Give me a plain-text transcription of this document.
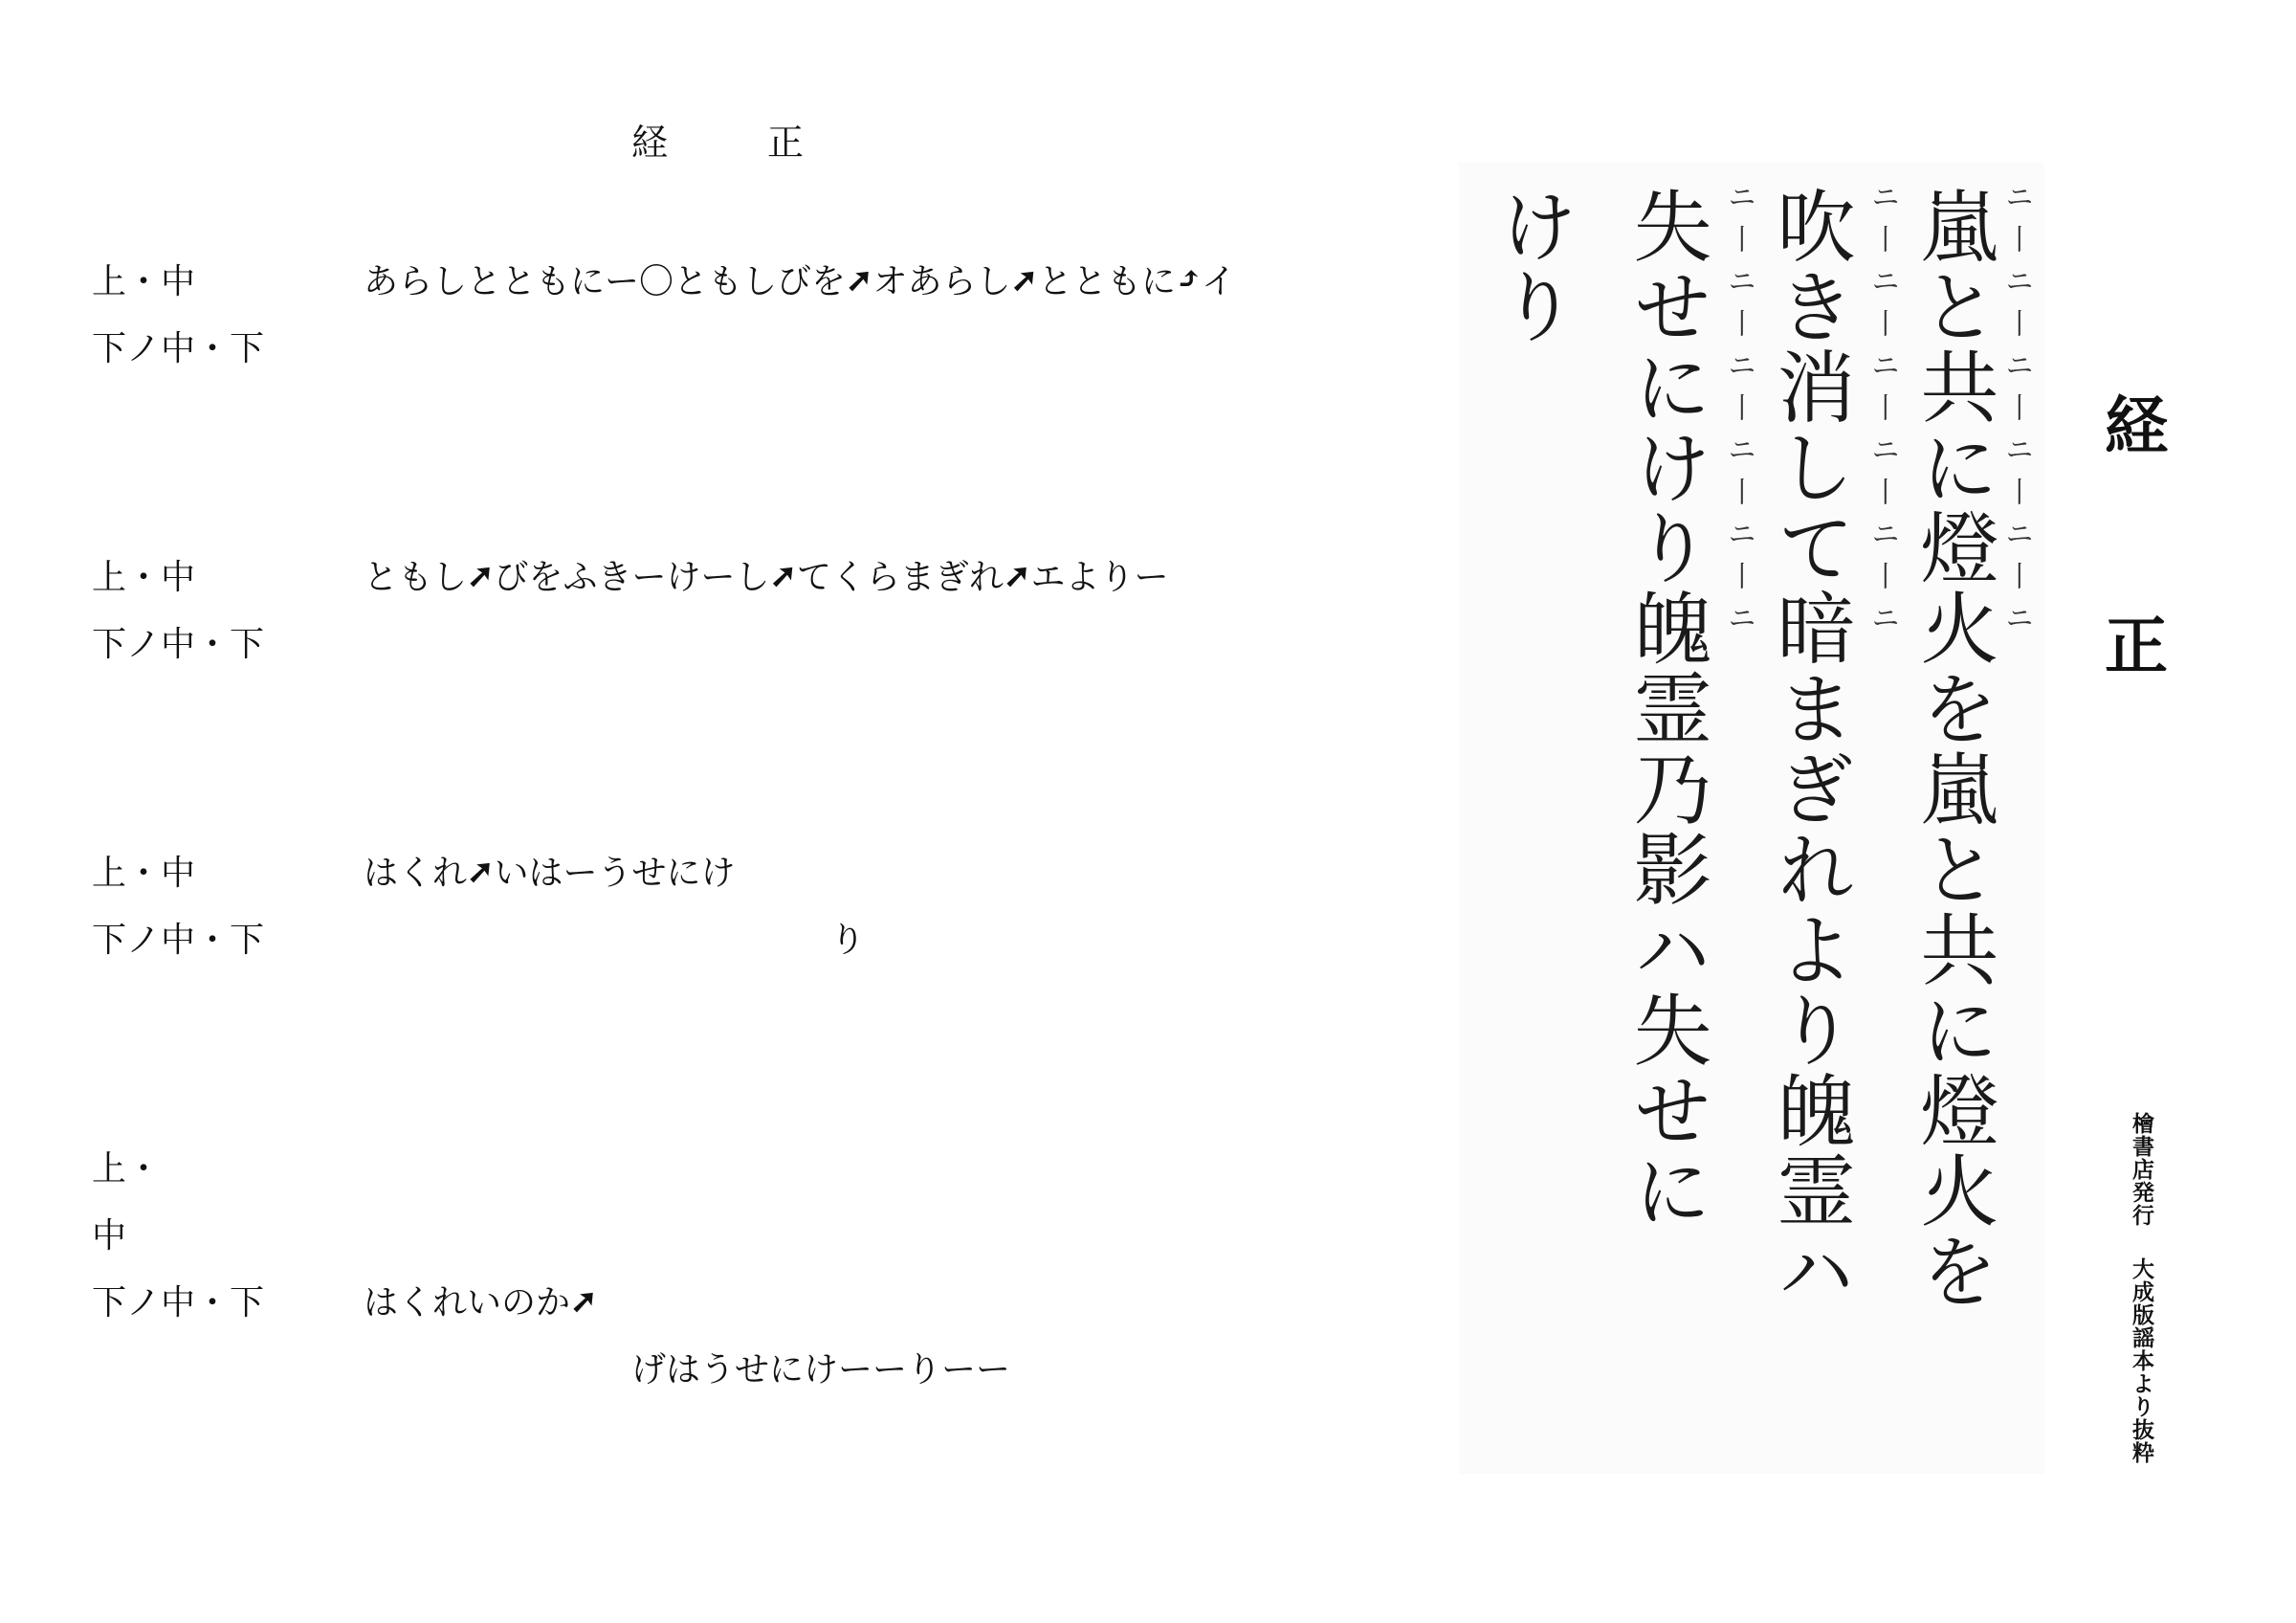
経	正
上・中	あらしとともにー〇ともしびを➚オあらし➚とともに⤴イ
下ノ中・下
上・中	ともし➚びをふきーけーし➚てくらまぎれ➚エよりー
下ノ中・下
上・中	はくれ➚いはーうせにけ
下ノ中・下	り
上・
中
下ノ中・下	はくれいのか➚
げはうせにけーーりーー
ニ丨ニ丨ニ丨ニ丨ニ丨ニ
嵐と共に燈火を嵐と共に燈火を
ニ丨ニ丨ニ丨ニ丨ニ丨ニ
吹き消して暗まぎれより魄霊ハ
ニ丨ニ丨ニ丨ニ丨ニ丨ニ
失せにけり魄霊乃影ハ失せに
けり
経
正
檜書店発行大成版謡本より抜粋
